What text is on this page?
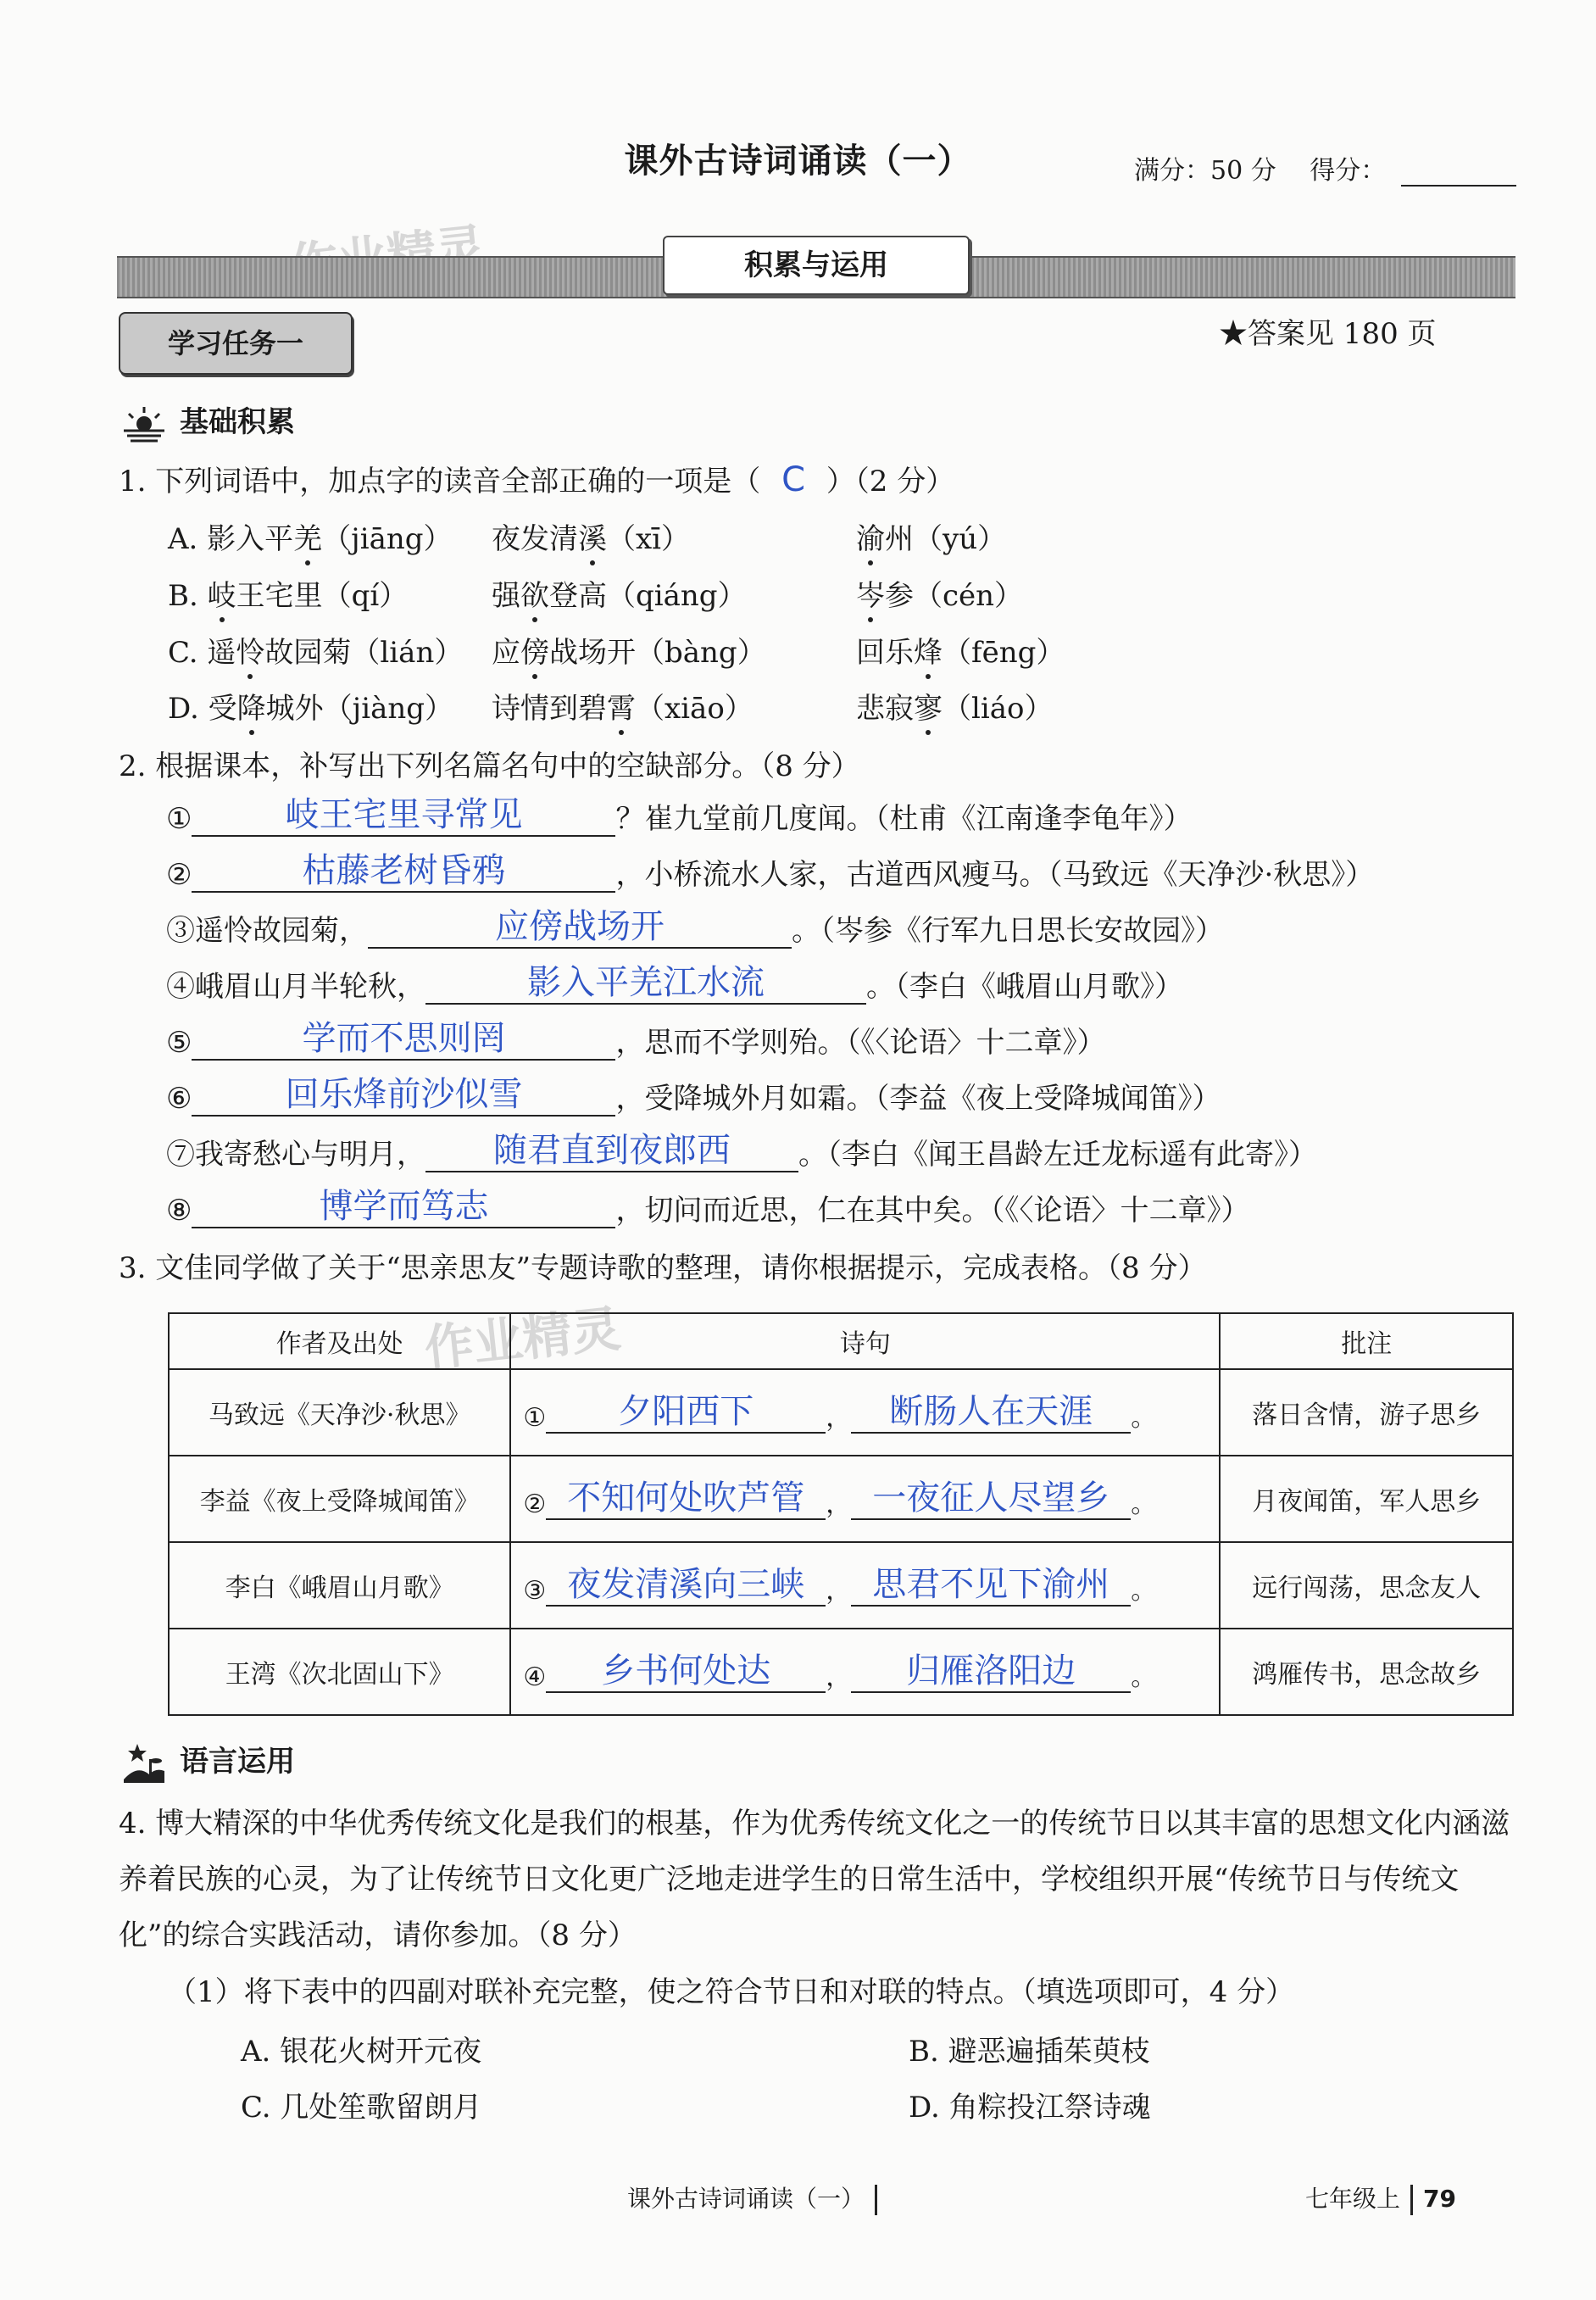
作业精灵
课外古诗词诵读（一）	满分：50 分 得分：
积累与运用
学习任务一	★答案见 180 页
基础积累
1. 下列词语中，加点字的读音全部正确的一项是（ C ）（2 分）
A. 影入平羌（jiāng） 夜发清溪（xī）	渝州（yú）
B. 岐王宅里（qí）	强欲登高（qiáng）	岑参（cén）
C. 遥怜故园菊（lián） 应傍战场开（bàng）	回乐烽（fēng）
D. 受降城外（jiàng） 诗情到碧霄（xiāo）	悲寂寥（liáo）
2. 根据课本，补写出下列名篇名句中的空缺部分。（8 分）
①	岐王宅里寻常见	？崔九堂前几度闻。（杜甫《江南逢李龟年》）
②	枯藤老树昏鸦	，小桥流水人家，古道西风瘦马。（马致远《天净沙·秋思》）
③遥怜故园菊，	应傍战场开	。（岑参《行军九日思长安故园》）
④峨眉山月半轮秋，	影入平羌江水流	。（李白《峨眉山月歌》）
⑤	学而不思则罔	，思而不学则殆。（《〈论语〉十二章》）
⑥	回乐烽前沙似雪	，受降城外月如霜。（李益《夜上受降城闻笛》）
⑦我寄愁心与明月， 随君直到夜郎西 。（李白《闻王昌龄左迁龙标遥有此寄》）
⑧	博学而笃志	，切问而近思，仁在其中矣。（《〈论语〉十二章》）
3. 文佳同学做了关于“思亲思友”专题诗歌的整理，请你根据提示，完成表格。（8 分）
作者及出处	诗句	批注
马致远《天净沙·秋思》	① 夕阳西下 ， 断肠人在天涯 。	落日含情，游子思乡
李益《夜上受降城闻笛》	② 不知何处吹芦管 ， 一夜征人尽望乡 。	月夜闻笛，军人思乡
李白《峨眉山月歌》	③ 夜发清溪向三峡 ， 思君不见下渝州 。	远行闯荡，思念友人
王湾《次北固山下》	④ 乡书何处达 ， 归雁洛阳边 。	鸿雁传书，思念故乡
语言运用
4. 博大精深的中华优秀传统文化是我们的根基，作为优秀传统文化之一的传统节日以其丰富的思想文化内涵滋养着民族的心灵，为了让传统节日文化更广泛地走进学生的日常生活中，学校组织开展“传统节日与传统文化”的综合实践活动，请你参加。（8 分）
（1）将下表中的四副对联补充完整，使之符合节日和对联的特点。（填选项即可，4 分）
A. 银花火树开元夜	B. 避恶遍插茱萸枝
C. 几处笙歌留朗月	D. 角粽投江祭诗魂
课外古诗词诵读（一）	七年级上 79
